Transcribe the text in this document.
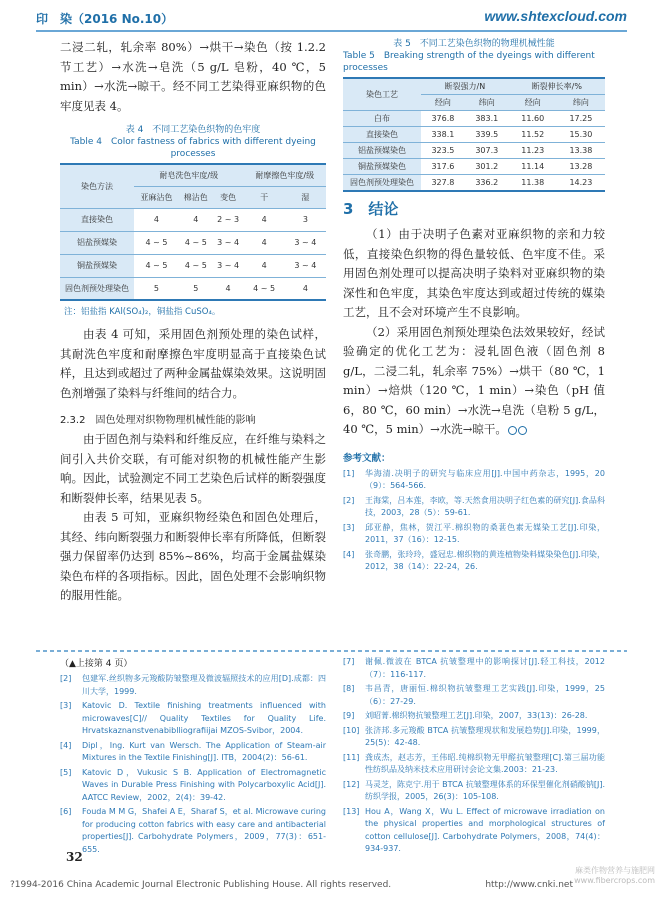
印　染（2016 No.10）	www.shtexcloud.com

二浸二轧，轧余率 80%）→烘干→染色（按 1.2.2 节工艺）→水洗→皂洗（5 g/L 皂粉，40 ℃，5 min）→水洗→晾干。经不同工艺染得亚麻织物的色牢度见表 4。

表 4　不同工艺染色织物的色牢度
Table 4　Color fastness of fabrics with different dyeing processes
染色方法	耐皂洗色牢度/级			耐摩擦色牢度/级	
	亚麻沾色	棉沾色	变色	干	湿
直接染色	4	4	2 ~ 3	4	3
铝盐预媒染	4 ~ 5	4 ~ 5	3 ~ 4	4	3 ~ 4
铜盐预媒染	4 ~ 5	4 ~ 5	3 ~ 4	4	3 ~ 4
固色剂预处理染色	5	5	4	4 ~ 5	4
注：铝盐指 KAl(SO₄)₂，铜盐指 CuSO₄。

由表 4 可知，采用固色剂预处理的染色试样，其耐洗色牢度和耐摩擦色牢度明显高于直接染色试样，且达到或超过了两种金属盐媒染效果。这说明固色剂增强了染料与纤维间的结合力。

2.3.2　固色处理对织物物理机械性能的影响

由于固色剂与染料和纤维反应，在纤维与染料之间引入共价交联，有可能对织物的机械性能产生影响。因此，试验测定不同工艺染色后试样的断裂强度和断裂伸长率，结果见表 5。

由表 5 可知，亚麻织物经染色和固色处理后，其经、纬向断裂强力和断裂伸长率有所降低，但断裂强力保留率仍达到 85%~86%，均高于金属盐媒染染色布样的各项指标。因此，固色处理不会影响织物的服用性能。

表 5　不同工艺染色织物的物理机械性能
Table 5　Breaking strength of the dyeings with different processes
染色工艺	断裂强力/N		断裂伸长率/%	
	经向	纬向	经向	纬向
白布	376.8	383.1	11.60	17.25
直接染色	338.1	339.5	11.52	15.30
铝盐预媒染色	323.5	307.3	11.23	13.38
铜盐预媒染色	317.6	301.2	11.14	13.28
固色剂预处理染色	327.8	336.2	11.38	14.23
3　结论

（1）由于决明子色素对亚麻织物的亲和力较低，直接染色织物的得色量较低、色牢度不佳。采用固色剂处理可以提高决明子染料对亚麻织物的染深性和色牢度，其染色牢度达到或超过传统的媒染工艺，且不会对环境产生不良影响。

（2）采用固色剂预处理染色法效果较好，经试验确定的优化工艺为：浸轧固色液（固色剂 8 g/L，二浸二轧，轧余率 75%）→烘干（80 ℃，1 min）→焙烘（120 ℃，1 min）→染色（pH 值 6，80 ℃，60 min）→水洗→皂洗（皂粉 5 g/L，40 ℃，5 min）→水洗→晾干。

参考文献：
[1]	华海清.决明子的研究与临床应用[J].中国中药杂志，1995，20（9）：564-566.
[2]	王海棠，吕本莲，李欧，等.天然食用决明子红色素的研究[J].食品科技，2003，28（5）：59-61.
[3]	邱亚静，焦林，贺江平.棉织物的桑葚色素无媒染工艺[J].印染，2011，37（16）：12-15.
[4]	张奇鹏，张玲玲，盛冠忠.棉织物的黄连植物染料媒染染色[J].印染，2012，38（14）：22-24，26.
（▲上接第 4 页）
[2]	包建军.丝织物多元羧酸防皱整理及微波辐照技术的应用[D].成都：四川大学，1999.
[3]	Katovic D. Textile finishing treatments influenced with microwaves[C]// Quality Textiles for Quality Life. Hrvatskaznanstvenabiblliografiijai MZOS-Svibor，2004.
[4]	Dipl，Ing. Kurt van Wersch. The Application of Steam-air Mixtures in the Textile Finishing[J]. ITB，2004(2)：56-61.
[5]	Katovic D，Vukusic S B. Application of Electromagnetic Waves in Durable Press Finishing with Polycarboxylic Acid[J]. AATCC Review，2002，2(4)：39-42.
[6]	Fouda M M G，Shafei A E，Sharaf S，et al. Microwave curing for producing cotton fabrics with easy care and antibacterial properties[J]. Carbohydrate Polymers，2009，77(3)：651-655.
[7]	谢佩.微波在 BTCA 抗皱整理中的影响探讨[J].轻工科技，2012（7）：116-117.
[8]	韦昌青，唐丽恒.棉织物抗皱整理工艺实践[J].印染，1999，25（6）：27-29.
[9]	刘昭菁.棉织物抗皱整理工艺[J].印染，2007，33(13)：26-28.
[10] 张济邦.多元羧酸 BTCA 抗皱整理现状和发展趋势[J].印染，1999，25(5)：42-48.
[11] 龚成杰，赵志芳，王伟昭.纯棉织物无甲醛抗皱整理[C].第三届功能性纺织品及纳米技术应用研讨会论文集.2003：21-23.
[12] 马灵芝，陈克宁.用于 BTCA 抗皱整理体系的环保型催化剂硝酸钠[J].纺织学报，2005，26(3)：105-108.
[13] Hou A，Wang X，Wu L. Effect of microwave irradiation on the physical properties and morphological structures of cotton cellulose[J]. Carbohydrate Polymers，2008，74(4)：934-937.
32
?1994-2016 China Academic Journal Electronic Publishing House. All rights reserved.	http://www.cnki.net
麻类作物营养与施肥网
www.fibercrops.com
